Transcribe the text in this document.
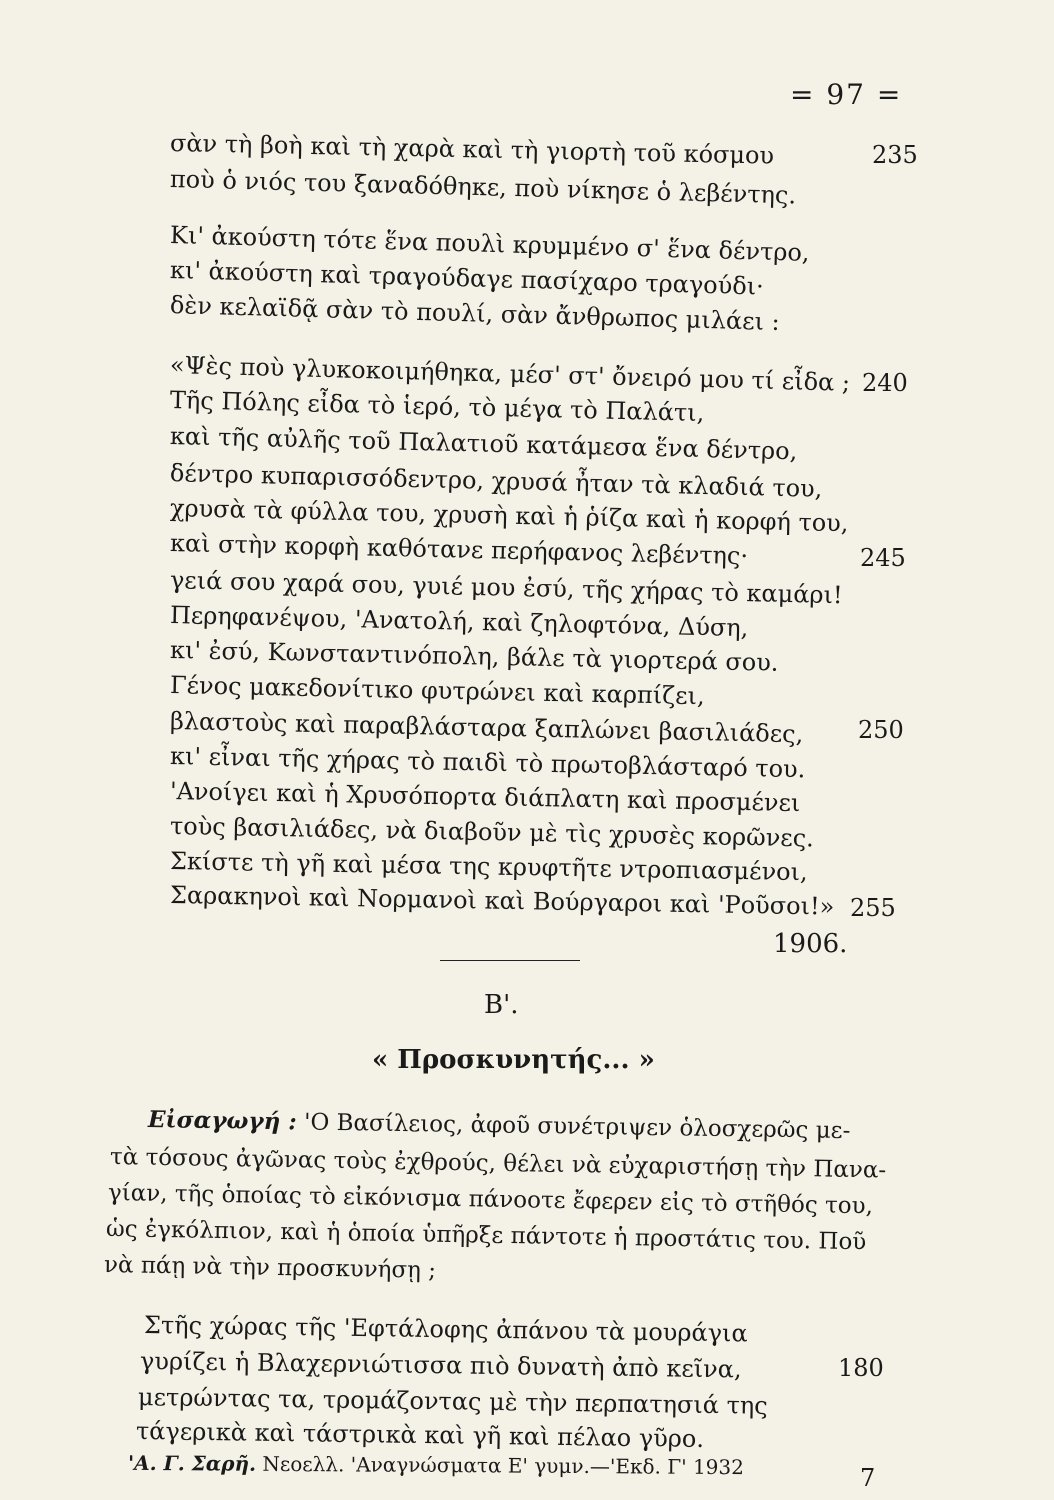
= 97 =
σὰν τὴ βοὴ καὶ τὴ χαρὰ καὶ τὴ γιορτὴ τοῦ κόσμου
ποὺ ὁ νιός του ξαναδόθηκε, ποὺ νίκησε ὁ λεβέντης.
Κι' ἀκούστη τότε ἕνα πουλὶ κρυμμένο σ' ἕνα δέντρο,
κι' ἀκούστη καὶ τραγούδαγε πασίχαρο τραγούδι·
δὲν κελαϊδᾷ σὰν τὸ πουλί, σὰν ἄνθρωπος μιλάει :
«Ψὲς ποὺ γλυκοκοιμήθηκα, μέσ' στ' ὄνειρό μου τί εἶδα ;
Τῆς Πόλης εἶδα τὸ ἱερό, τὸ μέγα τὸ Παλάτι,
καὶ τῆς αὐλῆς τοῦ Παλατιοῦ κατάμεσα ἕνα δέντρο,
δέντρο κυπαρισσόδεντρο, χρυσά ἦταν τὰ κλαδιά του,
χρυσὰ τὰ φύλλα του, χρυσὴ καὶ ἡ ῥίζα καὶ ἡ κορφή του,
καὶ στὴν κορφὴ καθότανε περήφανος λεβέντης·
γειά σου χαρά σου, γυιέ μου ἐσύ, τῆς χήρας τὸ καμάρι!
Περηφανέψου, 'Ανατολή, καὶ ζηλοφτόνα, Δύση,
κι' ἐσύ, Κωνσταντινόπολη, βάλε τὰ γιορτερά σου.
Γένος μακεδονίτικο φυτρώνει καὶ καρπίζει,
βλαστοὺς καὶ παραβλάσταρα ξαπλώνει βασιλιάδες,
κι' εἶναι τῆς χήρας τὸ παιδὶ τὸ πρωτοβλάσταρό του.
'Ανοίγει καὶ ἡ Χρυσόπορτα διάπλατη καὶ προσμένει
τοὺς βασιλιάδες, νὰ διαβοῦν μὲ τὶς χρυσὲς κορῶνες.
Σκίστε τὴ γῆ καὶ μέσα της κρυφτῆτε ντροπιασμένοι,
Σαρακηνοὶ καὶ Νορμανοὶ καὶ Βούργαροι καὶ 'Ροῦσοι!»
235
240
245
250
255
1906.
Β'.
« Προσκυνητής... »
Εἰσαγωγή : 'Ο Βασίλειος, ἀφοῦ συνέτριψεν ὁλοσχερῶς με-
τὰ τόσους ἀγῶνας τοὺς ἐχθρούς, θέλει νὰ εὐχαριστήσῃ τὴν Πανα-
γίαν, τῆς ὁποίας τὸ εἰκόνισμα πάνοοτε ἔφερεν εἰς τὸ στῆθός του,
ὡς ἐγκόλπιον, καὶ ἡ ὁποία ὑπῆρξε πάντοτε ἡ προστάτις του. Ποῦ
νὰ πάῃ νὰ τὴν προσκυνήσῃ ;
Στῆς χώρας τῆς 'Εφτάλοφης ἀπάνου τὰ μουράγια
γυρίζει ἡ Βλαχερνιώτισσα πιὸ δυνατὴ ἀπὸ κεῖνα,
μετρώντας τα, τρομάζοντας μὲ τὴν περπατησιά της
τάγερικὰ καὶ τάστρικὰ καὶ γῆ καὶ πέλαο γῦρο.
180
'Α. Γ. Σαρῆ. Νεοελλ. 'Αναγνώσματα Ε' γυμν.—'Εκδ. Γ' 1932	7
